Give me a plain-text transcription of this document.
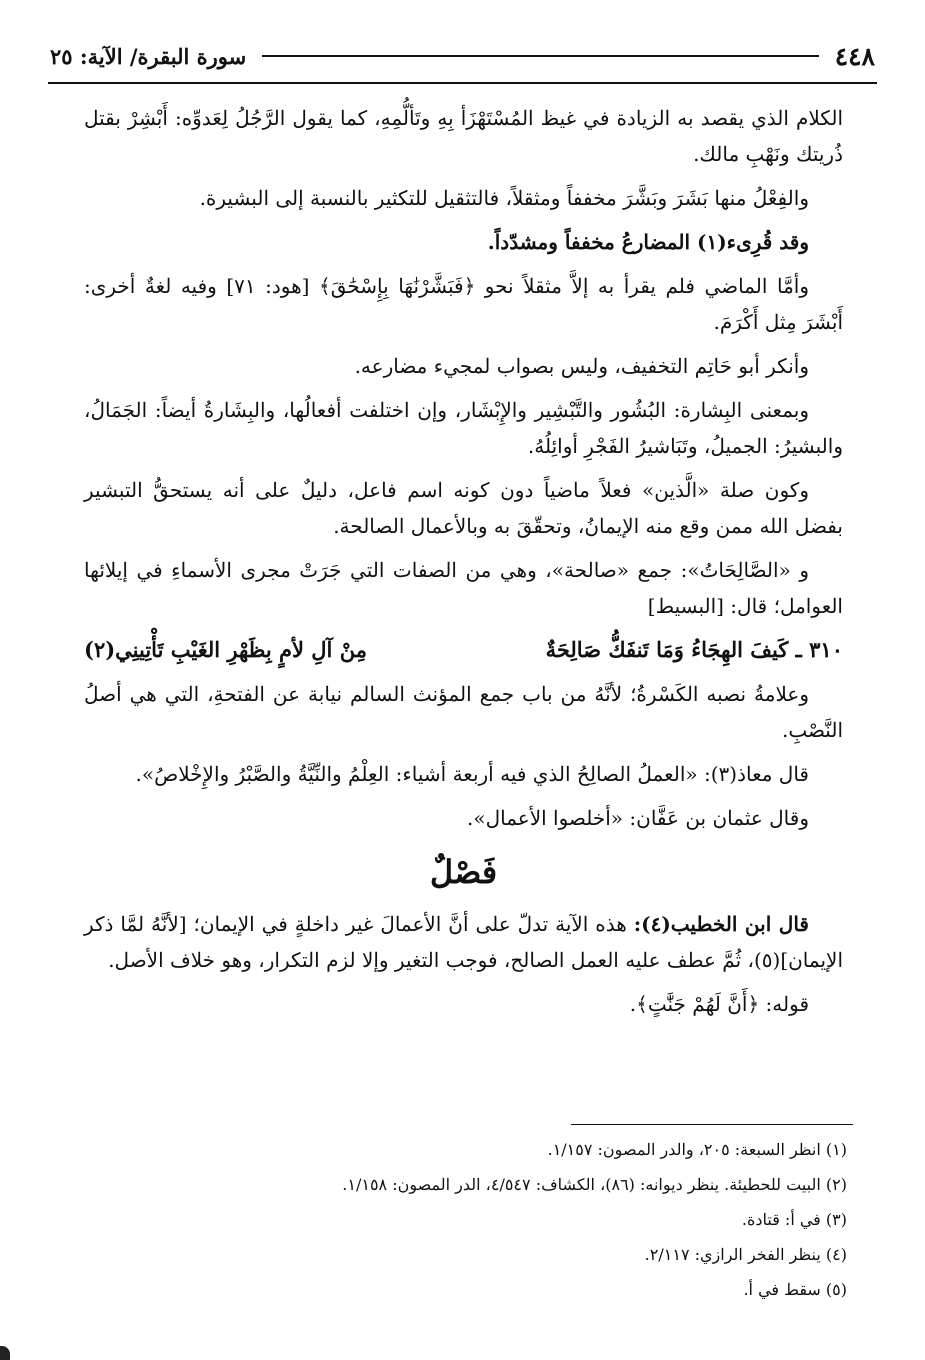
٤٤٨
سورة البقرة/ الآية: ٢٥

الكلام الذي يقصد به الزيادة في غيظ المُسْتَهْزَأ بِهِ وتَألُّمِهِ، كما يقول الرَّجُلُ لِعَدوِّه: أَبْشِرْ بقتل ذُريتك ونَهْبِ مالك.

والفِعْلُ منها بَشَرَ وبَشَّرَ مخففاً ومثقلاً، فالتثقيل للتكثير بالنسبة إلى البشيرة.

وقد قُرِىء(١) المضارعُ مخففاً ومشدّداً.

وأمَّا الماضي فلم يقرأ به إلاَّ مثقلاً نحو ﴿فَبَشَّرْنَٰهَا بِإِسْحَٰقَ﴾ [هود: ٧١] وفيه لغةٌ أخرى: أَبْشَرَ مِثل أَكْرَمَ.

وأنكر أبو حَاتِم التخفيف، وليس بصواب لمجيء مضارعه.

وبمعنى البِشارة: البُشُور والتَّبْشِير والإِبْشَار، وإن اختلفت أفعالُها، والبِشَارةُ أيضاً: الجَمَالُ، والبشيرُ: الجميلُ، وتَبَاشيرُ الفَجْرِ أوائِلُهُ.

وكون صلة «الَّذين» فعلاً ماضياً دون كونه اسم فاعل، دليلٌ على أنه يستحقُّ التبشير بفضل الله ممن وقع منه الإيمانُ، وتحقّقَ به وبالأعمال الصالحة.

و «الصَّالِحَاتُ»: جمع «صالحة»، وهي من الصفات التي جَرَتْ مجرى الأسماءِ في إيلائها العوامل؛ قال: [البسيط]

٣١٠ ـ كَيفَ الهِجَاءُ وَمَا تَنفَكُّ صَالِحَةٌ
مِنْ آلِ لأمٍ بِظَهْرِ الغَيْبِ تَأْتِينِي(٢)

وعلامةُ نصبه الكَسْرةُ؛ لأنَّهُ من باب جمع المؤنث السالم نيابة عن الفتحةِ، التي هي أصلُ النَّصْبِ.

قال معاذ(٣): «العملُ الصالِحُ الذي فيه أربعة أشياء: العِلْمُ والنِّيَّةُ والصَّبْرُ والإِخْلاصُ».

وقال عثمان بن عَفَّان: «أخلصوا الأعمال».

فَصْلٌ

قال ابن الخطيب(٤): هذه الآية تدلّ على أنَّ الأعمالَ غير داخلةٍ في الإيمان؛ [لأنَّهُ لمَّا ذكر الإيمان](٥)، ثُمَّ عطف عليه العمل الصالح، فوجب التغير وإلا لزم التكرار، وهو خلاف الأصل.

قوله: ﴿أَنَّ لَهُمْ جَنَّٰتٍ﴾.

(١) انظر السبعة: ٢٠٥، والدر المصون: ١/١٥٧.
(٢) البيت للحطيئة. ينظر ديوانه: (٨٦)، الكشاف: ٤/٥٤٧، الدر المصون: ١/١٥٨.
(٣) في أ: قتادة.
(٤) ينظر الفخر الرازي: ٢/١١٧.
(٥) سقط في أ.
